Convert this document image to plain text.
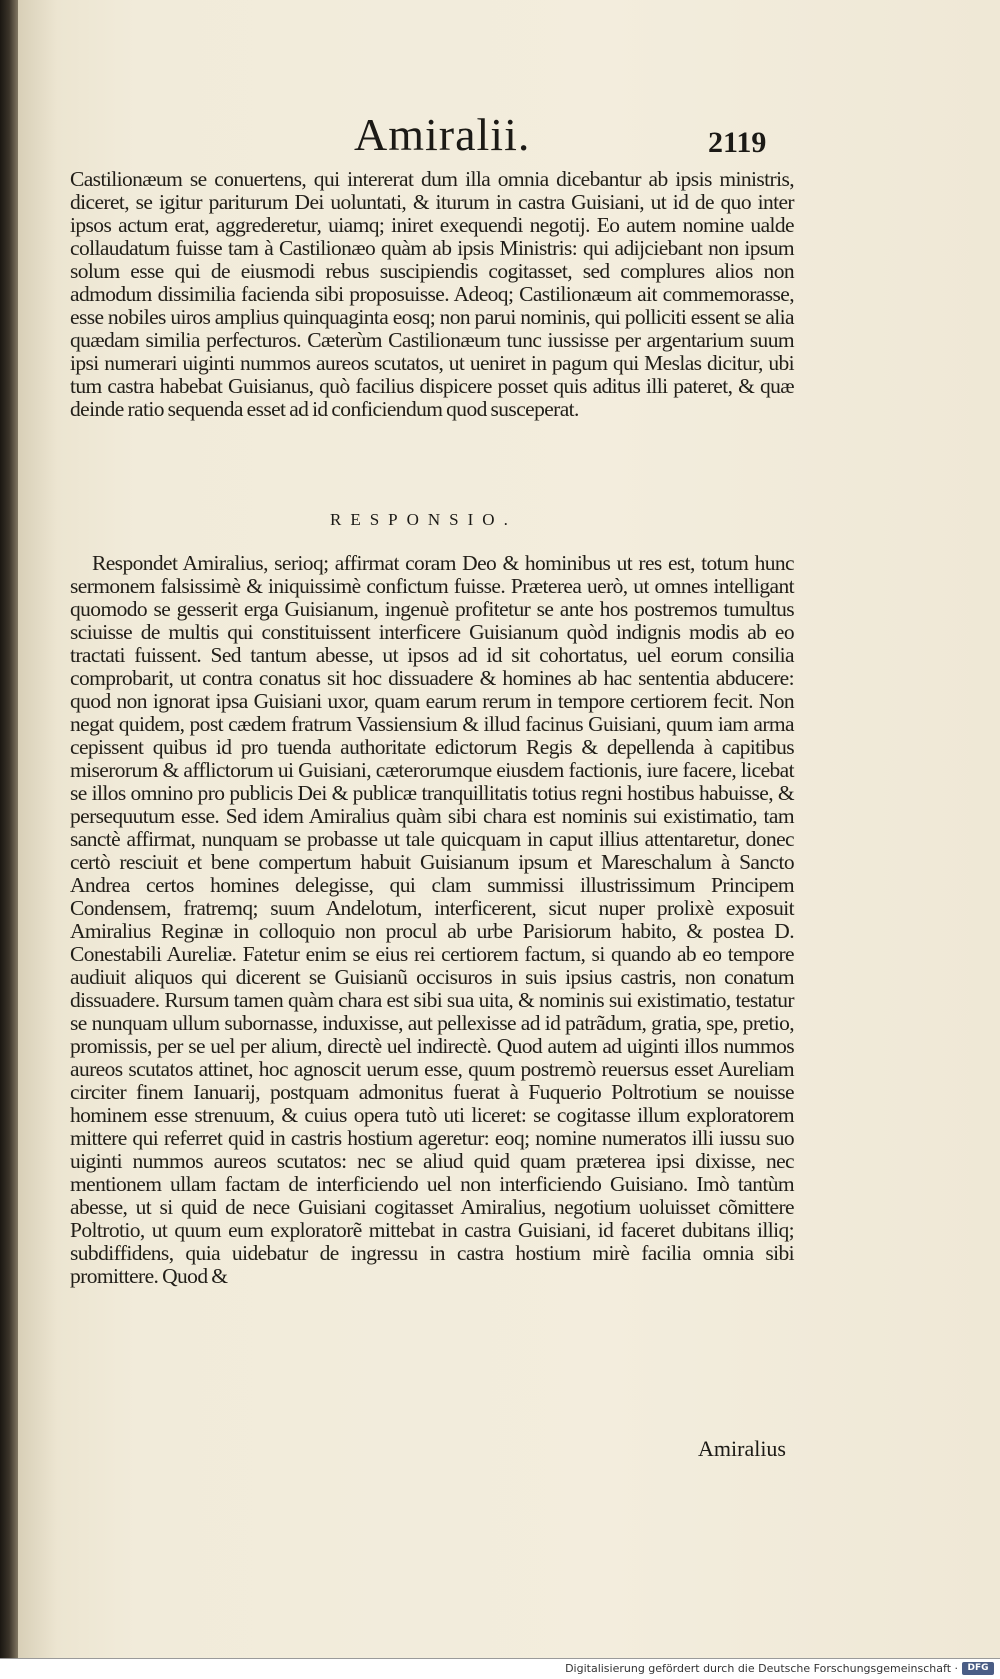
Amiralii.	2119

Castilionæum se conuertens, qui intererat dum illa omnia dicebantur ab ipsis ministris, diceret, se igitur pariturum Dei uoluntati, & iturum in castra Guisiani, ut id de quo inter ipsos actum erat, aggrederetur, uiamq; iniret exequendi negotij. Eo autem nomine ualde collaudatum fuisse tam à Castilionæo quàm ab ipsis Ministris: qui adijciebant non ipsum solum esse qui de eiusmodi rebus suscipiendis cogitasset, sed complures alios non admodum dissimilia facienda sibi proposuisse. Adeoq; Castilionæum ait commemorasse, esse nobiles uiros amplius quinquaginta eosq; non parui nominis, qui polliciti essent se alia quædam similia perfecturos. Cæterùm Castilionæum tunc iussisse per argentarium suum ipsi numerari uiginti nummos aureos scutatos, ut ueniret in pagum qui Meslas dicitur, ubi tum castra habebat Guisianus, quò facilius dispicere posset quis aditus illi pateret, & quæ deinde ratio sequenda esset ad id conficiendum quod susceperat.

RESPONSIO.

Respondet Amiralius, serioq; affirmat coram Deo & hominibus ut res est, totum hunc sermonem falsissimè & iniquissimè confictum fuisse. Præterea uerò, ut omnes intelligant quomodo se gesserit erga Guisianum, ingenuè profitetur se ante hos postremos tumultus sciuisse de multis qui constituissent interficere Guisianum quòd indignis modis ab eo tractati fuissent. Sed tantum abesse, ut ipsos ad id sit cohortatus, uel eorum consilia comprobarit, ut contra conatus sit hoc dissuadere & homines ab hac sententia abducere: quod non ignorat ipsa Guisiani uxor, quam earum rerum in tempore certiorem fecit. Non negat quidem, post cædem fratrum Vassiensium & illud facinus Guisiani, quum iam arma cepissent quibus id pro tuenda authoritate edictorum Regis & depellenda à capitibus miserorum & afflictorum ui Guisiani, cæterorumque eiusdem factionis, iure facere, licebat se illos omnino pro publicis Dei & publicæ tranquillitatis totius regni hostibus habuisse, & persequutum esse. Sed idem Amiralius quàm sibi chara est nominis sui existimatio, tam sanctè affirmat, nunquam se probasse ut tale quicquam in caput illius attentaretur, donec certò resciuit et bene compertum habuit Guisianum ipsum et Mareschalum à Sancto Andrea certos homines delegisse, qui clam summissi illustrissimum Principem Condensem, fratremq; suum Andelotum, interficerent, sicut nuper prolixè exposuit Amiralius Reginæ in colloquio non procul ab urbe Parisiorum habito, & postea D. Conestabili Aureliæ. Fatetur enim se eius rei certiorem factum, si quando ab eo tempore audiuit aliquos qui dicerent se Guisianũ occisuros in suis ipsius castris, non conatum dissuadere. Rursum tamen quàm chara est sibi sua uita, & nominis sui existimatio, testatur se nunquam ullum subornasse, induxisse, aut pellexisse ad id patrãdum, gratia, spe, pretio, promissis, per se uel per alium, directè uel indirectè. Quod autem ad uiginti illos nummos aureos scutatos attinet, hoc agnoscit uerum esse, quum postremò reuersus esset Aureliam circiter finem Ianuarij, postquam admonitus fuerat à Fuquerio Poltrotium se nouisse hominem esse strenuum, & cuius opera tutò uti liceret: se cogitasse illum exploratorem mittere qui referret quid in castris hostium ageretur: eoq; nomine numeratos illi iussu suo uiginti nummos aureos scutatos: nec se aliud quid quam præterea ipsi dixisse, nec mentionem ullam factam de interficiendo uel non interficiendo Guisiano. Imò tantùm abesse, ut si quid de nece Guisiani cogitasset Amiralius, negotium uoluisset cõmittere Poltrotio, ut quum eum exploratorẽ mittebat in castra Guisiani, id faceret dubitans illiq; subdiffidens, quia uidebatur de ingressu in castra hostium mirè facilia omnia sibi promittere. Quod &

Amiralius
Digitalisierung gefördert durch die Deutsche Forschungsgemeinschaft ·	DFG
